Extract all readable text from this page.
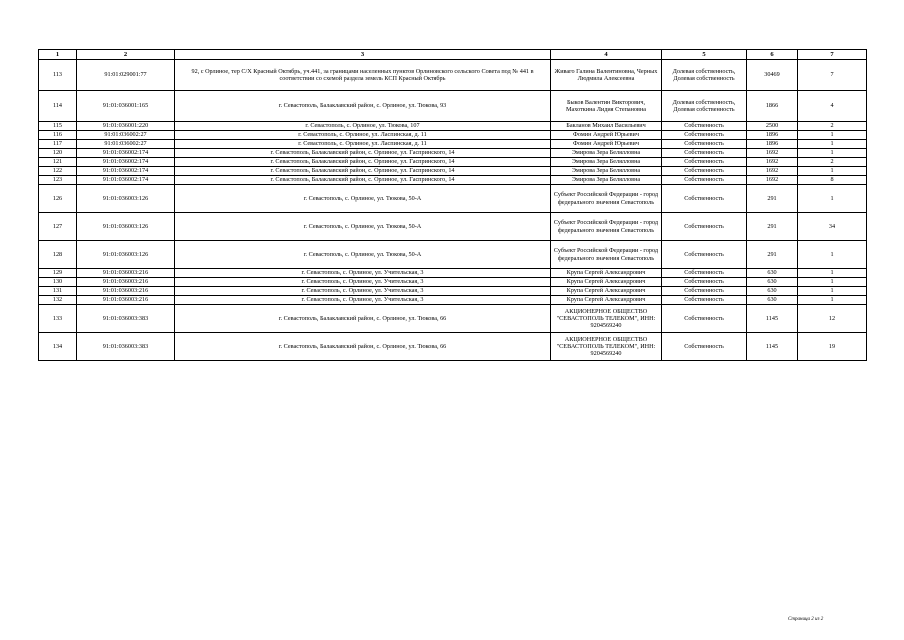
1	2	3	4	5	6	7
113	91:01:029001:77	92, с Орлиное, тер С/Х Красный Октябрь, уч.441, за границами населенных пунктов Орлиновского сельского Совета под № 441 в соответствии со схемой раздела земель КСП Красный Октябрь	Живаго Галина Валентиновна, Черных Людмила Алексеевна	Долевая собственность, Долевая собственность	30469	7
114	91:01:036001:165	г. Севастополь, Балаклавский район, с. Орлиное, ул. Тюкова, 93	Быков Валентин Викторович, Махоткина Лидия Степановна	Долевая собственность, Долевая собственность	1866	4
115	91:01:036001:220	г. Севастополь, с. Орлиное, ул. Тюкова, 107	Бакланов Михаил Васильевич	Собственность	2500	2
116	91:01:036002:27	г. Севастополь, с. Орлиное, ул. Ласпинская, д. 11	Фомин Андрей Юрьевич	Собственность	1896	1
117	91:01:036002:27	г. Севастополь, с. Орлиное, ул. Ласпинская, д. 11	Фомин Андрей Юрьевич	Собственность	1896	1
120	91:01:036002:174	г. Севастополь, Балаклавский район, с. Орлиное, ул. Гаспринского, 14	Эмирова Зера Белялловна	Собственность	1692	1
121	91:01:036002:174	г. Севастополь, Балаклавский район, с. Орлиное, ул. Гаспринского, 14	Эмирова Зера Белялловна	Собственность	1692	2
122	91:01:036002:174	г. Севастополь, Балаклавский район, с. Орлиное, ул. Гаспринского, 14	Эмирова Зера Белялловна	Собственность	1692	1
123	91:01:036002:174	г. Севастополь, Балаклавский район, с. Орлиное, ул. Гаспринского, 14	Эмирова Зера Белялловна	Собственность	1692	8
126	91:01:036003:126	г. Севастополь, с. Орлиное, ул. Тюкова, 50-А	Субъект Российской Федерации - город федерального значения Севастополь	Собственность	291	1
127	91:01:036003:126	г. Севастополь, с. Орлиное, ул. Тюкова, 50-А	Субъект Российской Федерации - город федерального значения Севастополь	Собственность	291	34
128	91:01:036003:126	г. Севастополь, с. Орлиное, ул. Тюкова, 50-А	Субъект Российской Федерации - город федерального значения Севастополь	Собственность	291	1
129	91:01:036003:216	г. Севастополь, с. Орлиное, ул. Учительская, 3	Крупа Сергей Александрович	Собственность	630	1
130	91:01:036003:216	г. Севастополь, с. Орлиное, ул. Учительская, 3	Крупа Сергей Александрович	Собственность	630	1
131	91:01:036003:216	г. Севастополь, с. Орлиное, ул. Учительская, 3	Крупа Сергей Александрович	Собственность	630	1
132	91:01:036003:216	г. Севастополь, с. Орлиное, ул. Учительская, 3	Крупа Сергей Александрович	Собственность	630	1
133	91:01:036003:383	г. Севастополь, Балаклавский район, с. Орлиное, ул. Тюкова, 66	АКЦИОНЕРНОЕ ОБЩЕСТВО "СЕВАСТОПОЛЬ ТЕЛЕКОМ", ИНН: 9204569240	Собственность	1145	12
134	91:01:036003:383	г. Севастополь, Балаклавский район, с. Орлиное, ул. Тюкова, 66	АКЦИОНЕРНОЕ ОБЩЕСТВО "СЕВАСТОПОЛЬ ТЕЛЕКОМ", ИНН: 9204569240	Собственность	1145	19
Страница 2 из 2
